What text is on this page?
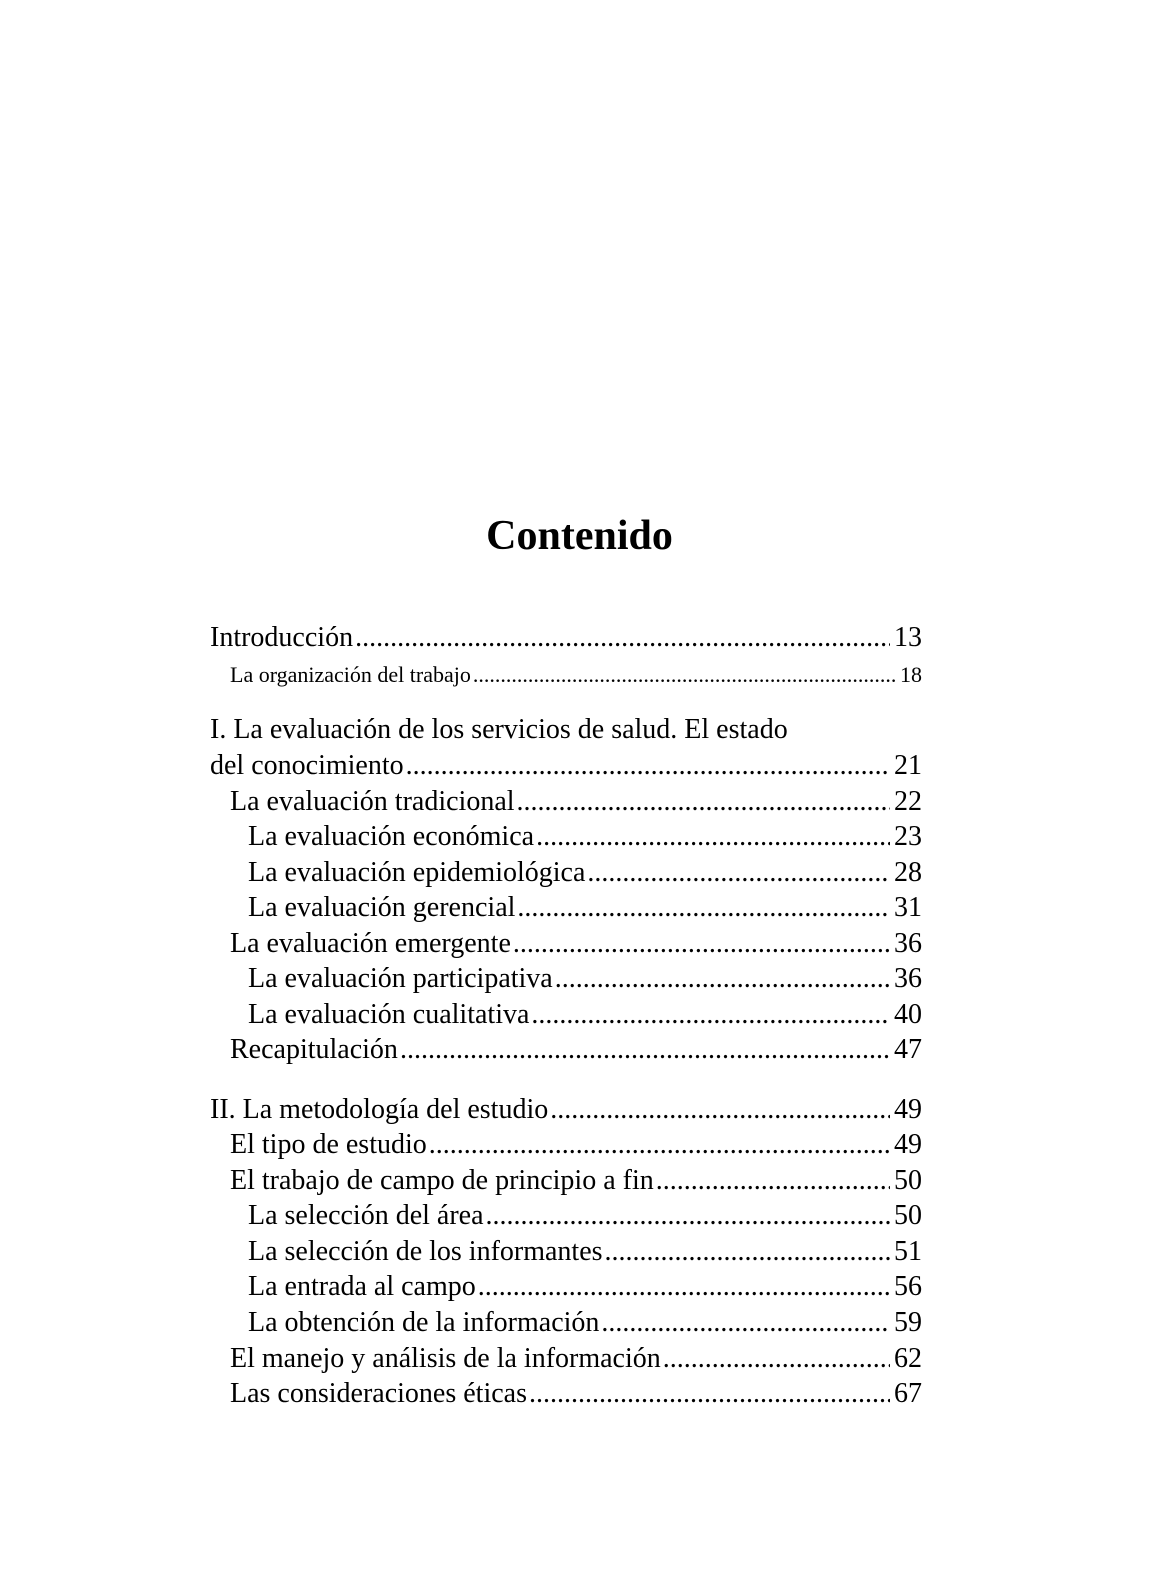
Contenido
Introducción .....	13
La organización del trabajo .....	18
I. La evaluación de los servicios de salud. El estado
del conocimiento .....	21
La evaluación tradicional .....	22
La evaluación económica .....	23
La evaluación epidemiológica .....	28
La evaluación gerencial .....	31
La evaluación emergente .....	36
La evaluación participativa .....	36
La evaluación cualitativa .....	40
Recapitulación .....	47
II. La metodología del estudio .....	49
El tipo de estudio .....	49
El trabajo de campo de principio a fin .....	50
La selección del área .....	50
La selección de los informantes .....	51
La entrada al campo .....	56
La obtención de la información .....	59
El manejo y análisis de la información .....	62
Las consideraciones éticas .....	67
